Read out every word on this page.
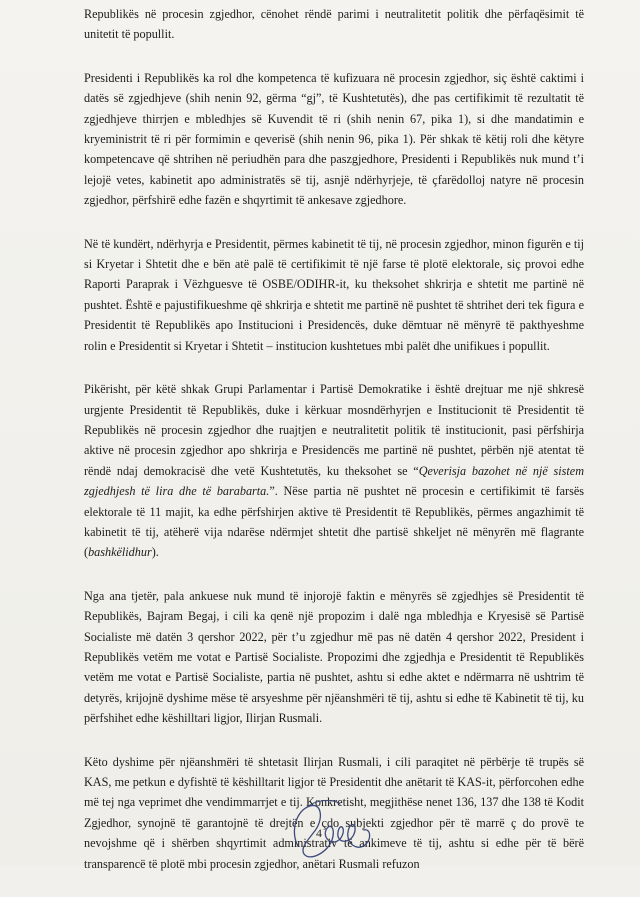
Republikës në procesin zgjedhor, cënohet rëndë parimi i neutralitetit politik dhe përfaqësimit të unitetit të popullit.

Presidenti i Republikës ka rol dhe kompetenca të kufizuara në procesin zgjedhor, siç është caktimi i datës së zgjedhjeve (shih nenin 92, gërma “gj”, të Kushtetutës), dhe pas certifikimit të rezultatit të zgjedhjeve thirrjen e mbledhjes së Kuvendit të ri (shih nenin 67, pika 1), si dhe mandatimin e kryeministrit të ri për formimin e qeverisë (shih nenin 96, pika 1). Për shkak të këtij roli dhe këtyre kompetencave që shtrihen në periudhën para dhe paszgjedhore, Presidenti i Republikës nuk mund t’i lejojë vetes, kabinetit apo administratës së tij, asnjë ndërhyrjeje, të çfarëdolloj natyre në procesin zgjedhor, përfshirë edhe fazën e shqyrtimit të ankesave zgjedhore.

Në të kundërt, ndërhyrja e Presidentit, përmes kabinetit të tij, në procesin zgjedhor, minon figurën e tij si Kryetar i Shtetit dhe e bën atë palë të certifikimit të një farse të plotë elektorale, siç provoi edhe Raporti Paraprak i Vëzhguesve të OSBE/ODIHR-it, ku theksohet shkrirja e shtetit me partinë në pushtet. Është e pajustifikueshme që shkrirja e shtetit me partinë në pushtet të shtrihet deri tek figura e Presidentit të Republikës apo Institucioni i Presidencës, duke dëmtuar në mënyrë të pakthyeshme rolin e Presidentit si Kryetar i Shtetit – institucion kushtetues mbi palët dhe unifikues i popullit.

Pikërisht, për këtë shkak Grupi Parlamentar i Partisë Demokratike i është drejtuar me një shkresë urgjente Presidentit të Republikës, duke i kërkuar mosndërhyrjen e Institucionit të Presidentit të Republikës në procesin zgjedhor dhe ruajtjen e neutralitetit politik të institucionit, pasi përfshirja aktive në procesin zgjedhor apo shkrirja e Presidencës me partinë në pushtet, përbën një atentat të rëndë ndaj demokracisë dhe vetë Kushtetutës, ku theksohet se “Qeverisja bazohet në një sistem zgjedhjesh të lira dhe të barabarta.”. Nëse partia në pushtet në procesin e certifikimit të farsës elektorale të 11 majit, ka edhe përfshirjen aktive të Presidentit të Republikës, përmes angazhimit të kabinetit të tij, atëherë vija ndarëse ndërmjet shtetit dhe partisë shkeljet në mënyrën më flagrante (bashkëlidhur).

Nga ana tjetër, pala ankuese nuk mund të injorojë faktin e mënyrës së zgjedhjes së Presidentit të Republikës, Bajram Begaj, i cili ka qenë një propozim i dalë nga mbledhja e Kryesisë së Partisë Socialiste më datën 3 qershor 2022, për t’u zgjedhur më pas në datën 4 qershor 2022, President i Republikës vetëm me votat e Partisë Socialiste. Propozimi dhe zgjedhja e Presidentit të Republikës vetëm me votat e Partisë Socialiste, partia në pushtet, ashtu si edhe aktet e ndërmarra në ushtrim të detyrës, krijojnë dyshime mëse të arsyeshme për njëanshmëri të tij, ashtu si edhe të Kabinetit të tij, ku përfshihet edhe këshilltari ligjor, Ilirjan Rusmali.

Këto dyshime për njëanshmëri të shtetasit Ilirjan Rusmali, i cili paraqitet në përbërje të trupës së KAS, me petkun e dyfishtë të këshilltarit ligjor të Presidentit dhe anëtarit të KAS-it, përforcohen edhe më tej nga veprimet dhe vendimmarrjet e tij. Konkretisht, megjithëse nenet 136, 137 dhe 138 të Kodit Zgjedhor, synojnë të garantojnë të drejtën e çdo subjekti zgjedhor për të marrë ç do provë te nevojshme që i shërben shqyrtimit administrativ të ankimeve të tij, ashtu si edhe për të bërë transparencë të plotë mbi procesin zgjedhor, anëtari Rusmali refuzon

4
